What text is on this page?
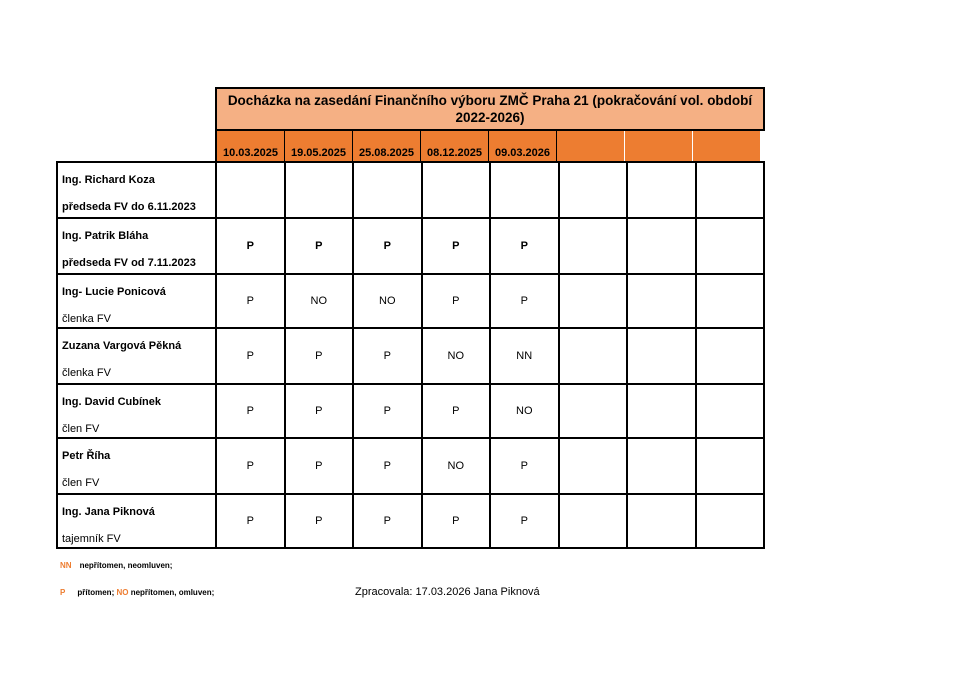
Docházka na zasedání Finančního výboru ZMČ Praha 21 (pokračování vol. období 2022-2026)
10.03.2025	19.05.2025	25.08.2025	08.12.2025	09.03.2026
Ing. Richard Koza
předseda FV do 6.11.2023								

Ing. Patrik Bláha
předseda FV od 7.11.2023	P	P	P	P	P			

Ing- Lucie Ponicová
členka FV	P	NO	NO	P	P			

Zuzana Vargová Pěkná
členka FV	P	P	P	NO	NN			

Ing. David Cubínek
člen FV	P	P	P	P	NO			

Petr Říha
člen FV	P	P	P	NO	P			

Ing. Jana Piknová
tajemník FV	P	P	P	P	P			
NN nepřítomen, neomluven;
P přítomen; NO nepřítomen, omluven;	Zpracovala: 17.03.2026 Jana Piknová
